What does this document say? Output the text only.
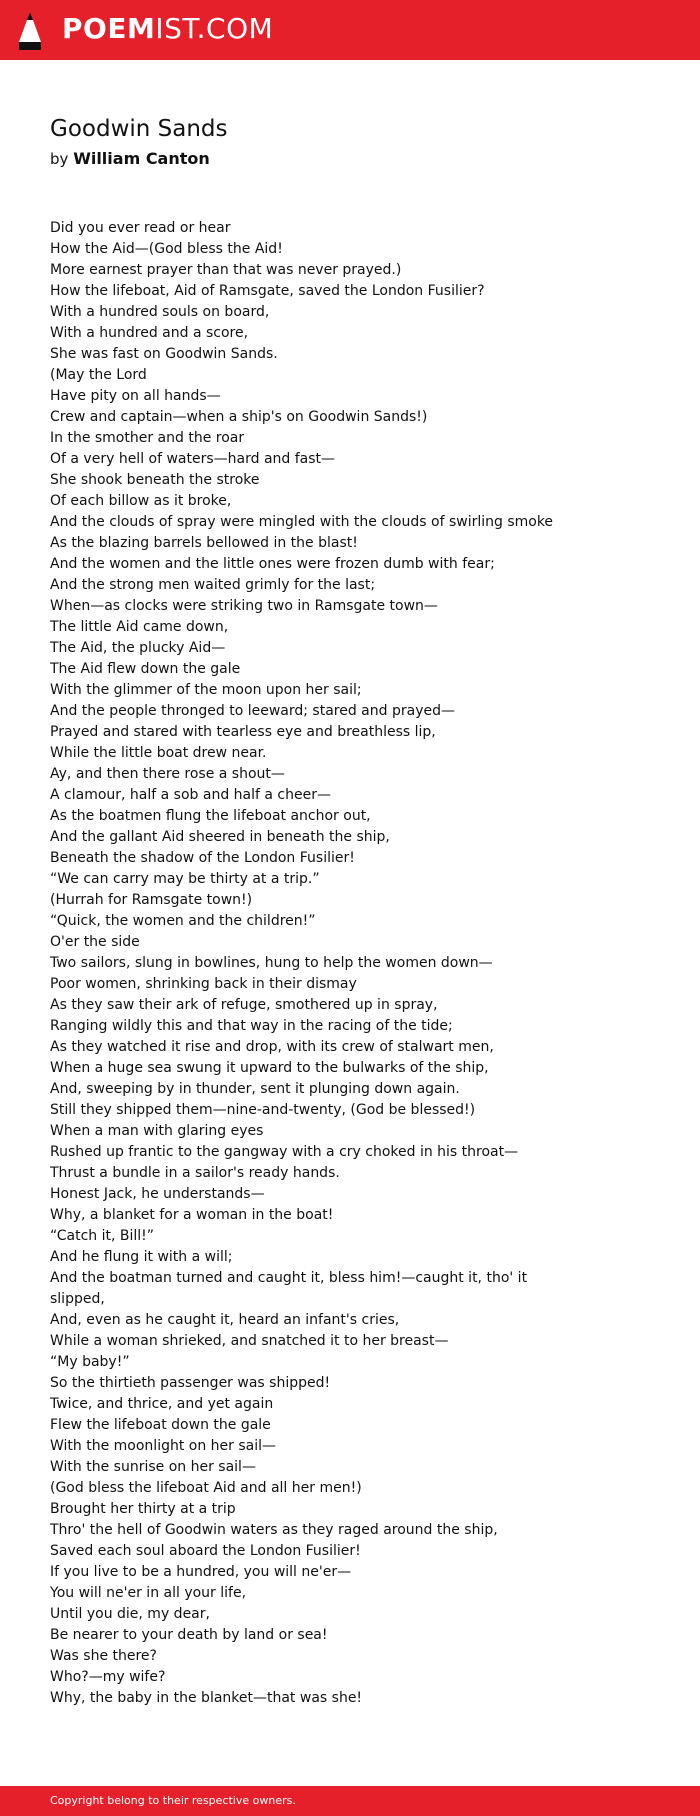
POEMIST.COM
Goodwin Sands
by William Canton
Did you ever read or hear
How the Aid—(God bless the Aid!
More earnest prayer than that was never prayed.)
How the lifeboat, Aid of Ramsgate, saved the London Fusilier?
With a hundred souls on board,
With a hundred and a score,
She was fast on Goodwin Sands.
(May the Lord
Have pity on all hands—
Crew and captain—when a ship's on Goodwin Sands!)
In the smother and the roar
Of a very hell of waters—hard and fast—
She shook beneath the stroke
Of each billow as it broke,
And the clouds of spray were mingled with the clouds of swirling smoke
As the blazing barrels bellowed in the blast!
And the women and the little ones were frozen dumb with fear;
And the strong men waited grimly for the last;
When—as clocks were striking two in Ramsgate town—
The little Aid came down,
The Aid, the plucky Aid—
The Aid flew down the gale
With the glimmer of the moon upon her sail;
And the people thronged to leeward; stared and prayed—
Prayed and stared with tearless eye and breathless lip,
While the little boat drew near.
Ay, and then there rose a shout—
A clamour, half a sob and half a cheer—
As the boatmen flung the lifeboat anchor out,
And the gallant Aid sheered in beneath the ship,
Beneath the shadow of the London Fusilier!
“We can carry may be thirty at a trip.”
(Hurrah for Ramsgate town!)
“Quick, the women and the children!”
O'er the side
Two sailors, slung in bowlines, hung to help the women down—
Poor women, shrinking back in their dismay
As they saw their ark of refuge, smothered up in spray,
Ranging wildly this and that way in the racing of the tide;
As they watched it rise and drop, with its crew of stalwart men,
When a huge sea swung it upward to the bulwarks of the ship,
And, sweeping by in thunder, sent it plunging down again.
Still they shipped them—nine-and-twenty, (God be blessed!)
When a man with glaring eyes
Rushed up frantic to the gangway with a cry choked in his throat—
Thrust a bundle in a sailor's ready hands.
Honest Jack, he understands—
Why, a blanket for a woman in the boat!
“Catch it, Bill!”
And he flung it with a will;
And the boatman turned and caught it, bless him!—caught it, tho' it
slipped,
And, even as he caught it, heard an infant's cries,
While a woman shrieked, and snatched it to her breast—
“My baby!”
So the thirtieth passenger was shipped!
Twice, and thrice, and yet again
Flew the lifeboat down the gale
With the moonlight on her sail—
With the sunrise on her sail—
(God bless the lifeboat Aid and all her men!)
Brought her thirty at a trip
Thro' the hell of Goodwin waters as they raged around the ship,
Saved each soul aboard the London Fusilier!
If you live to be a hundred, you will ne'er—
You will ne'er in all your life,
Until you die, my dear,
Be nearer to your death by land or sea!
Was she there?
Who?—my wife?
Why, the baby in the blanket—that was she!
Copyright belong to their respective owners.
